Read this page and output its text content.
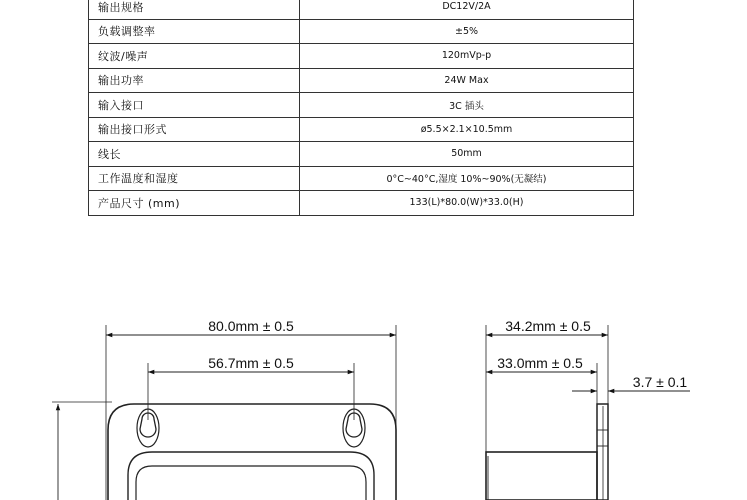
输出规格	DC12V/2A
负载调整率	±5%
纹波/噪声	120mVp-p
输出功率	24W Max
输入接口	3C 插头
输出接口形式	ø5.5×2.1×10.5mm
线长	50mm
工作温度和湿度	0°C~40°C,湿度 10%~90%(无凝结)
产品尺寸 (mm)	133(L)*80.0(W)*33.0(H)
80.0mm ± 0.5
56.7mm ± 0.5
34.2mm ± 0.5
33.0mm ± 0.5
3.7 ± 0.1
